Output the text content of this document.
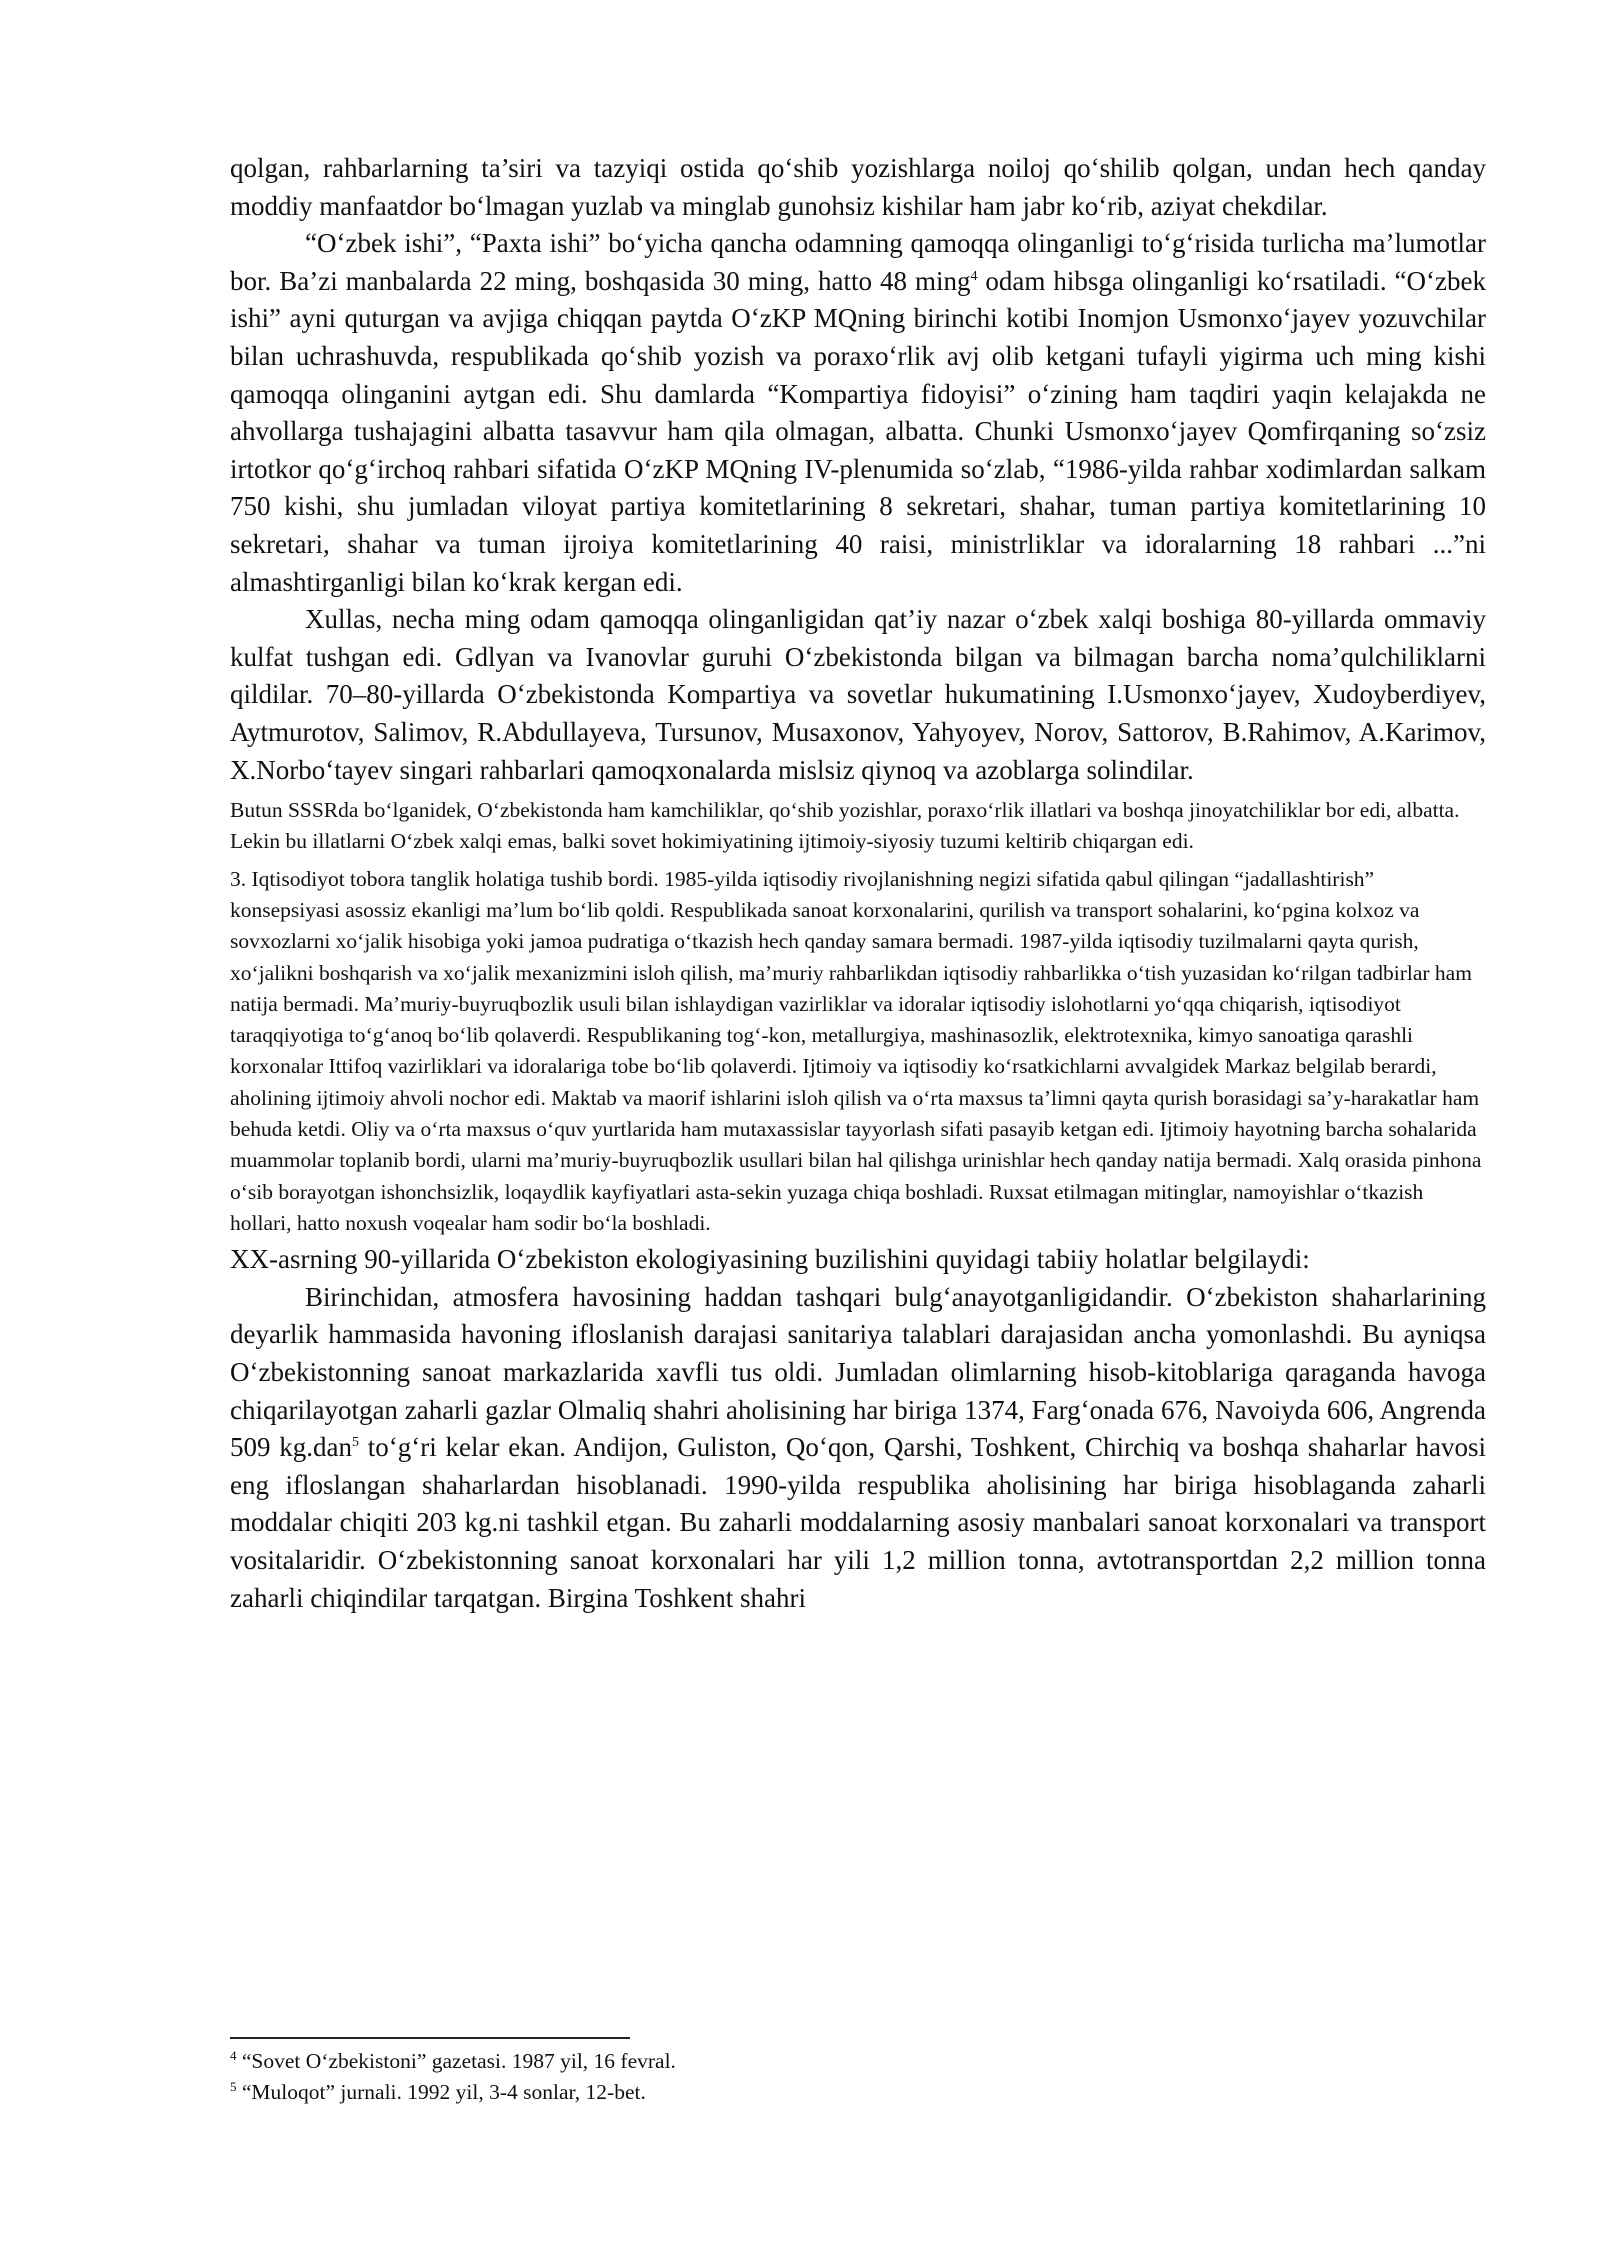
qolgan, rahbarlarning ta’siri va tazyiqi ostida qo‘shib yozishlarga noiloj qo‘shilib qolgan, undan hech qanday moddiy manfaatdor bo‘lmagan yuzlab va minglab gunohsiz kishilar ham jabr ko‘rib, aziyat chekdilar.

“O‘zbek ishi”, “Paxta ishi” bo‘yicha qancha odamning qamoqqa olinganligi to‘g‘risida turlicha ma’lumotlar bor. Ba’zi manbalarda 22 ming, boshqasida 30 ming, hatto 48 ming$^4$ odam hibsga olinganligi ko‘rsatiladi. “O‘zbek ishi” ayni quturgan va avjiga chiqqan paytda O‘zKP MQning birinchi kotibi Inomjon Usmonxo‘jayev yozuvchilar bilan uchrashuvda, respublikada qo‘shib yozish va poraxo‘rlik avj olib ketgani tufayli yigirma uch ming kishi qamoqqa olinganini aytgan edi. Shu damlarda “Kompartiya fidoyisi” o‘zining ham taqdiri yaqin kelajakda ne ahvollarga tushajagini albatta tasavvur ham qila olmagan, albatta. Chunki Usmonxo‘jayev Qomfirqaning so‘zsiz irtotkor qo‘g‘irchoq rahbari sifatida O‘zKP MQning IV-plenumida so‘zlab, “1986-yilda rahbar xodimlardan salkam 750 kishi, shu jumladan viloyat partiya komitetlarining 8 sekretari, shahar, tuman partiya komitetlarining 10 sekretari, shahar va tuman ijroiya komitetlarining 40 raisi, ministrliklar va idoralarning 18 rahbari ...”ni almashtirganligi bilan ko‘krak kergan edi.

Xullas, necha ming odam qamoqqa olinganligidan qat’iy nazar o‘zbek xalqi boshiga 80-yillarda ommaviy kulfat tushgan edi. Gdlyan va Ivanovlar guruhi O‘zbekistonda bilgan va bilmagan barcha noma’qulchiliklarni qildilar. 70–80-yillarda O‘zbekistonda Kompartiya va sovetlar hukumatining I.Usmonxo‘jayev, Xudoyberdiyev, Aytmurotov, Salimov, R.Abdullayeva, Tursunov, Musaxonov, Yahyoyev, Norov, Sattorov, B.Rahimov, A.Karimov, X.Norbo‘tayev singari rahbarlari qamoqxonalarda mislsiz qiynoq va azoblarga solindilar.

Butun SSSRda bo‘lganidek, O‘zbekistonda ham kamchiliklar, qo‘shib yozishlar, poraxo‘rlik illatlari va boshqa jinoyatchiliklar bor edi, albatta. Lekin bu illatlarni O‘zbek xalqi emas, balki sovet hokimiyatining ijtimoiy-siyosiy tuzumi keltirib chiqargan edi.

3. Iqtisodiyot tobora tanglik holatiga tushib bordi. 1985-yilda iqtisodiy rivojlanishning negizi sifatida qabul qilingan “jadallashtirish” konsepsiyasi asossiz ekanligi ma’lum bo‘lib qoldi. Respublikada sanoat korxonalarini, qurilish va transport sohalarini, ko‘pgina kolxoz va sovxozlarni xo‘jalik hisobiga yoki jamoa pudratiga o‘tkazish hech qanday samara bermadi. 1987-yilda iqtisodiy tuzilmalarni qayta qurish, xo‘jalikni boshqarish va xo‘jalik mexanizmini isloh qilish, ma’muriy rahbarlikdan iqtisodiy rahbarlikka o‘tish yuzasidan ko‘rilgan tadbirlar ham natija bermadi. Ma’muriy-buyruqbozlik usuli bilan ishlaydigan vazirliklar va idoralar iqtisodiy islohotlarni yo‘qqa chiqarish, iqtisodiyot taraqqiyotiga to‘g‘anoq bo‘lib qolaverdi. Respublikaning tog‘-kon, metallurgiya, mashinasozlik, elektrotexnika, kimyo sanoatiga qarashli korxonalar Ittifoq vazirliklari va idoralariga tobe bo‘lib qolaverdi. Ijtimoiy va iqtisodiy ko‘rsatkichlarni avvalgidek Markaz belgilab berardi, aholining ijtimoiy ahvoli nochor edi. Maktab va maorif ishlarini isloh qilish va o‘rta maxsus ta’limni qayta qurish borasidagi sa’y-harakatlar ham behuda ketdi. Oliy va o‘rta maxsus o‘quv yurtlarida ham mutaxassislar tayyorlash sifati pasayib ketgan edi. Ijtimoiy hayotning barcha sohalarida muammolar toplanib bordi, ularni ma’muriy-buyruqbozlik usullari bilan hal qilishga urinishlar hech qanday natija bermadi. Xalq orasida pinhona o‘sib borayotgan ishonchsizlik, loqaydlik kayfiyatlari asta-sekin yuzaga chiqa boshladi. Ruxsat etilmagan mitinglar, namoyishlar o‘tkazish hollari, hatto noxush voqealar ham sodir bo‘la boshladi.

XX-asrning 90-yillarida O‘zbekiston ekologiyasining buzilishini quyidagi tabiiy holatlar belgilaydi:

Birinchidan, atmosfera havosining haddan tashqari bulg‘anayotganligidandir. O‘zbekiston shaharlarining deyarlik hammasida havoning ifloslanish darajasi sanitariya talablari darajasidan ancha yomonlashdi. Bu ayniqsa O‘zbekistonning sanoat markazlarida xavfli tus oldi. Jumladan olimlarning hisob-kitoblariga qaraganda havoga chiqarilayotgan zaharli gazlar Olmaliq shahri aholisining har biriga 1374, Farg‘onada 676, Navoiyda 606, Angrenda 509 kg.dan$^5$ to‘g‘ri kelar ekan. Andijon, Guliston, Qo‘qon, Qarshi, Toshkent, Chirchiq va boshqa shaharlar havosi eng ifloslangan shaharlardan hisoblanadi. 1990-yilda respublika aholisining har biriga hisoblaganda zaharli moddalar chiqiti 203 kg.ni tashkil etgan. Bu zaharli moddalarning asosiy manbalari sanoat korxonalari va transport vositalaridir. O‘zbekistonning sanoat korxonalari har yili 1,2 million tonna, avtotransportdan 2,2 million tonna zaharli chiqindilar tarqatgan. Birgina Toshkent shahri

$^4$ “Sovet O‘zbekistoni” gazetasi. 1987 yil, 16 fevral.

$^5$ “Muloqot” jurnali. 1992 yil, 3-4 sonlar, 12-bet.
